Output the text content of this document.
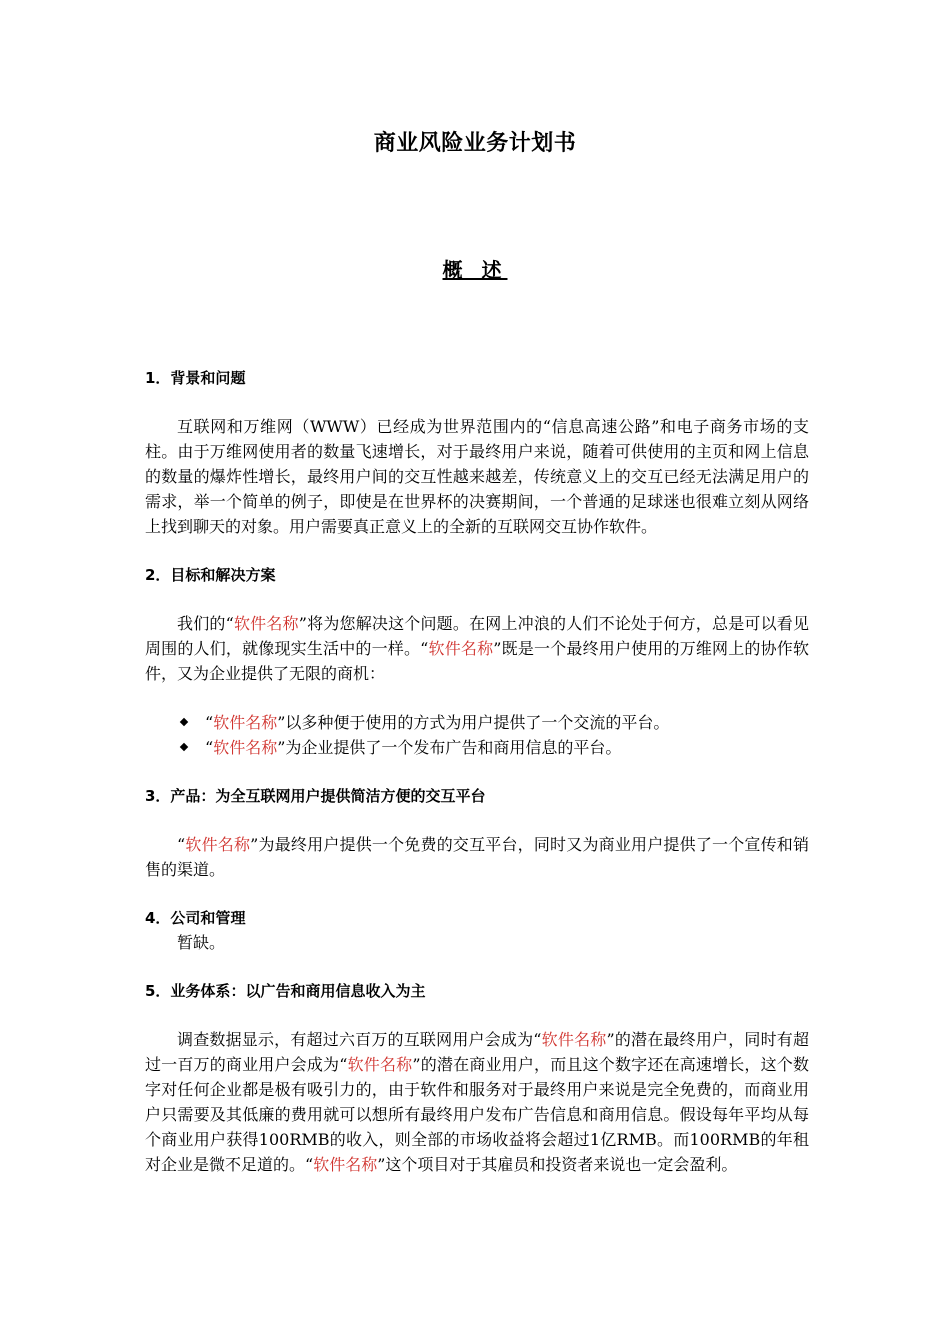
商业风险业务计划书
概 述

1．背景和问题

互联网和万维网（WWW）已经成为世界范围内的“信息高速公路”和电子商务市场的支柱。由于万维网使用者的数量飞速增长，对于最终用户来说，随着可供使用的主页和网上信息的数量的爆炸性增长，最终用户间的交互性越来越差，传统意义上的交互已经无法满足用户的需求，举一个简单的例子，即使是在世界杯的决赛期间，一个普通的足球迷也很难立刻从网络上找到聊天的对象。用户需要真正意义上的全新的互联网交互协作软件。

2．目标和解决方案

我们的“软件名称”将为您解决这个问题。在网上冲浪的人们不论处于何方，总是可以看见周围的人们，就像现实生活中的一样。“软件名称”既是一个最终用户使用的万维网上的协作软件，又为企业提供了无限的商机：

“软件名称”以多种便于使用的方式为用户提供了一个交流的平台。
“软件名称”为企业提供了一个发布广告和商用信息的平台。

3．产品：为全互联网用户提供简洁方便的交互平台

“软件名称”为最终用户提供一个免费的交互平台，同时又为商业用户提供了一个宣传和销售的渠道。

4．公司和管理

暂缺。

5．业务体系：以广告和商用信息收入为主

调查数据显示，有超过六百万的互联网用户会成为“软件名称”的潜在最终用户，同时有超过一百万的商业用户会成为“软件名称”的潜在商业用户，而且这个数字还在高速增长，这个数字对任何企业都是极有吸引力的，由于软件和服务对于最终用户来说是完全免费的，而商业用户只需要及其低廉的费用就可以想所有最终用户发布广告信息和商用信息。假设每年平均从每个商业用户获得100RMB的收入，则全部的市场收益将会超过1亿RMB。而100RMB的年租对企业是微不足道的。“软件名称”这个项目对于其雇员和投资者来说也一定会盈利。
